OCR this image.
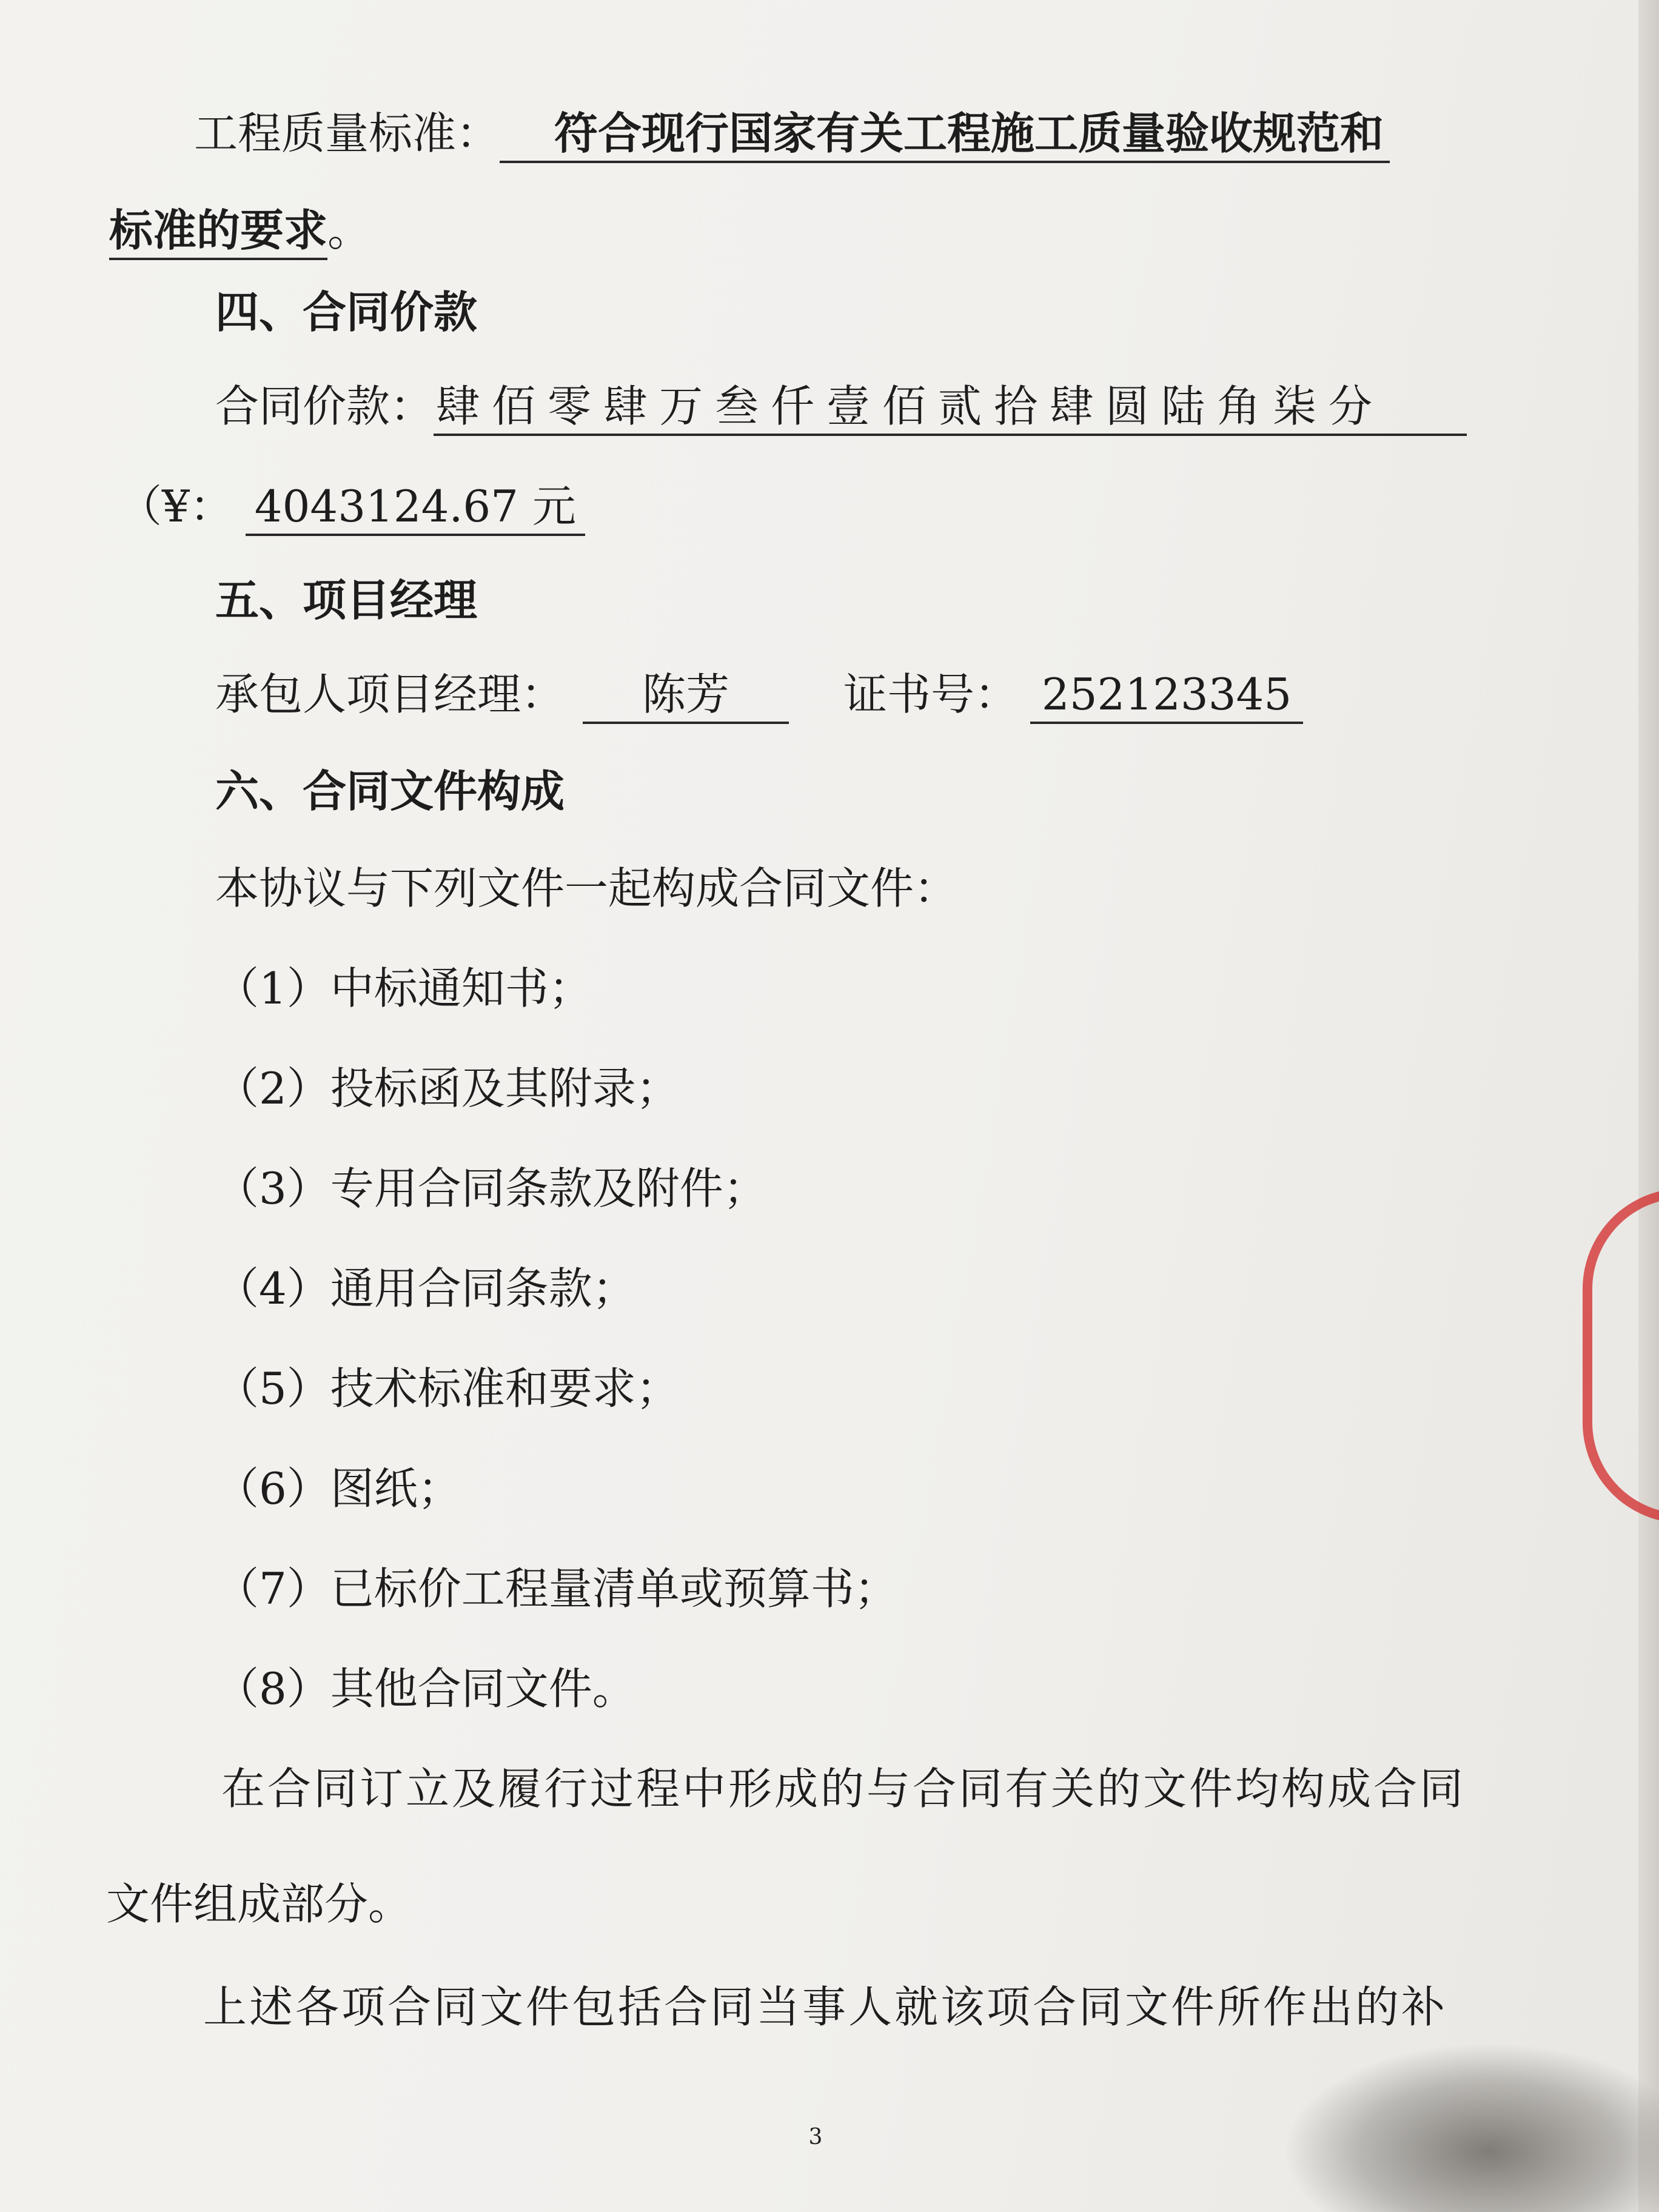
工程质量标准： 符合现行国家有关工程施工质量验收规范和
标准的要求。
四、合同价款
合同价款：肆佰零肆万叁仟壹佰贰拾肆圆陆角柒分
（¥： 4043124.67 元
五、项目经理
承包人项目经理： 陈芳	证书号： 252123345
六、合同文件构成
本协议与下列文件一起构成合同文件：
（1）中标通知书；
（2）投标函及其附录；
（3）专用合同条款及附件；
（4）通用合同条款；
（5）技术标准和要求；
（6）图纸；
（7）已标价工程量清单或预算书；
（8）其他合同文件。
在合同订立及履行过程中形成的与合同有关的文件均构成合同
文件组成部分。
上述各项合同文件包括合同当事人就该项合同文件所作出的补
3
